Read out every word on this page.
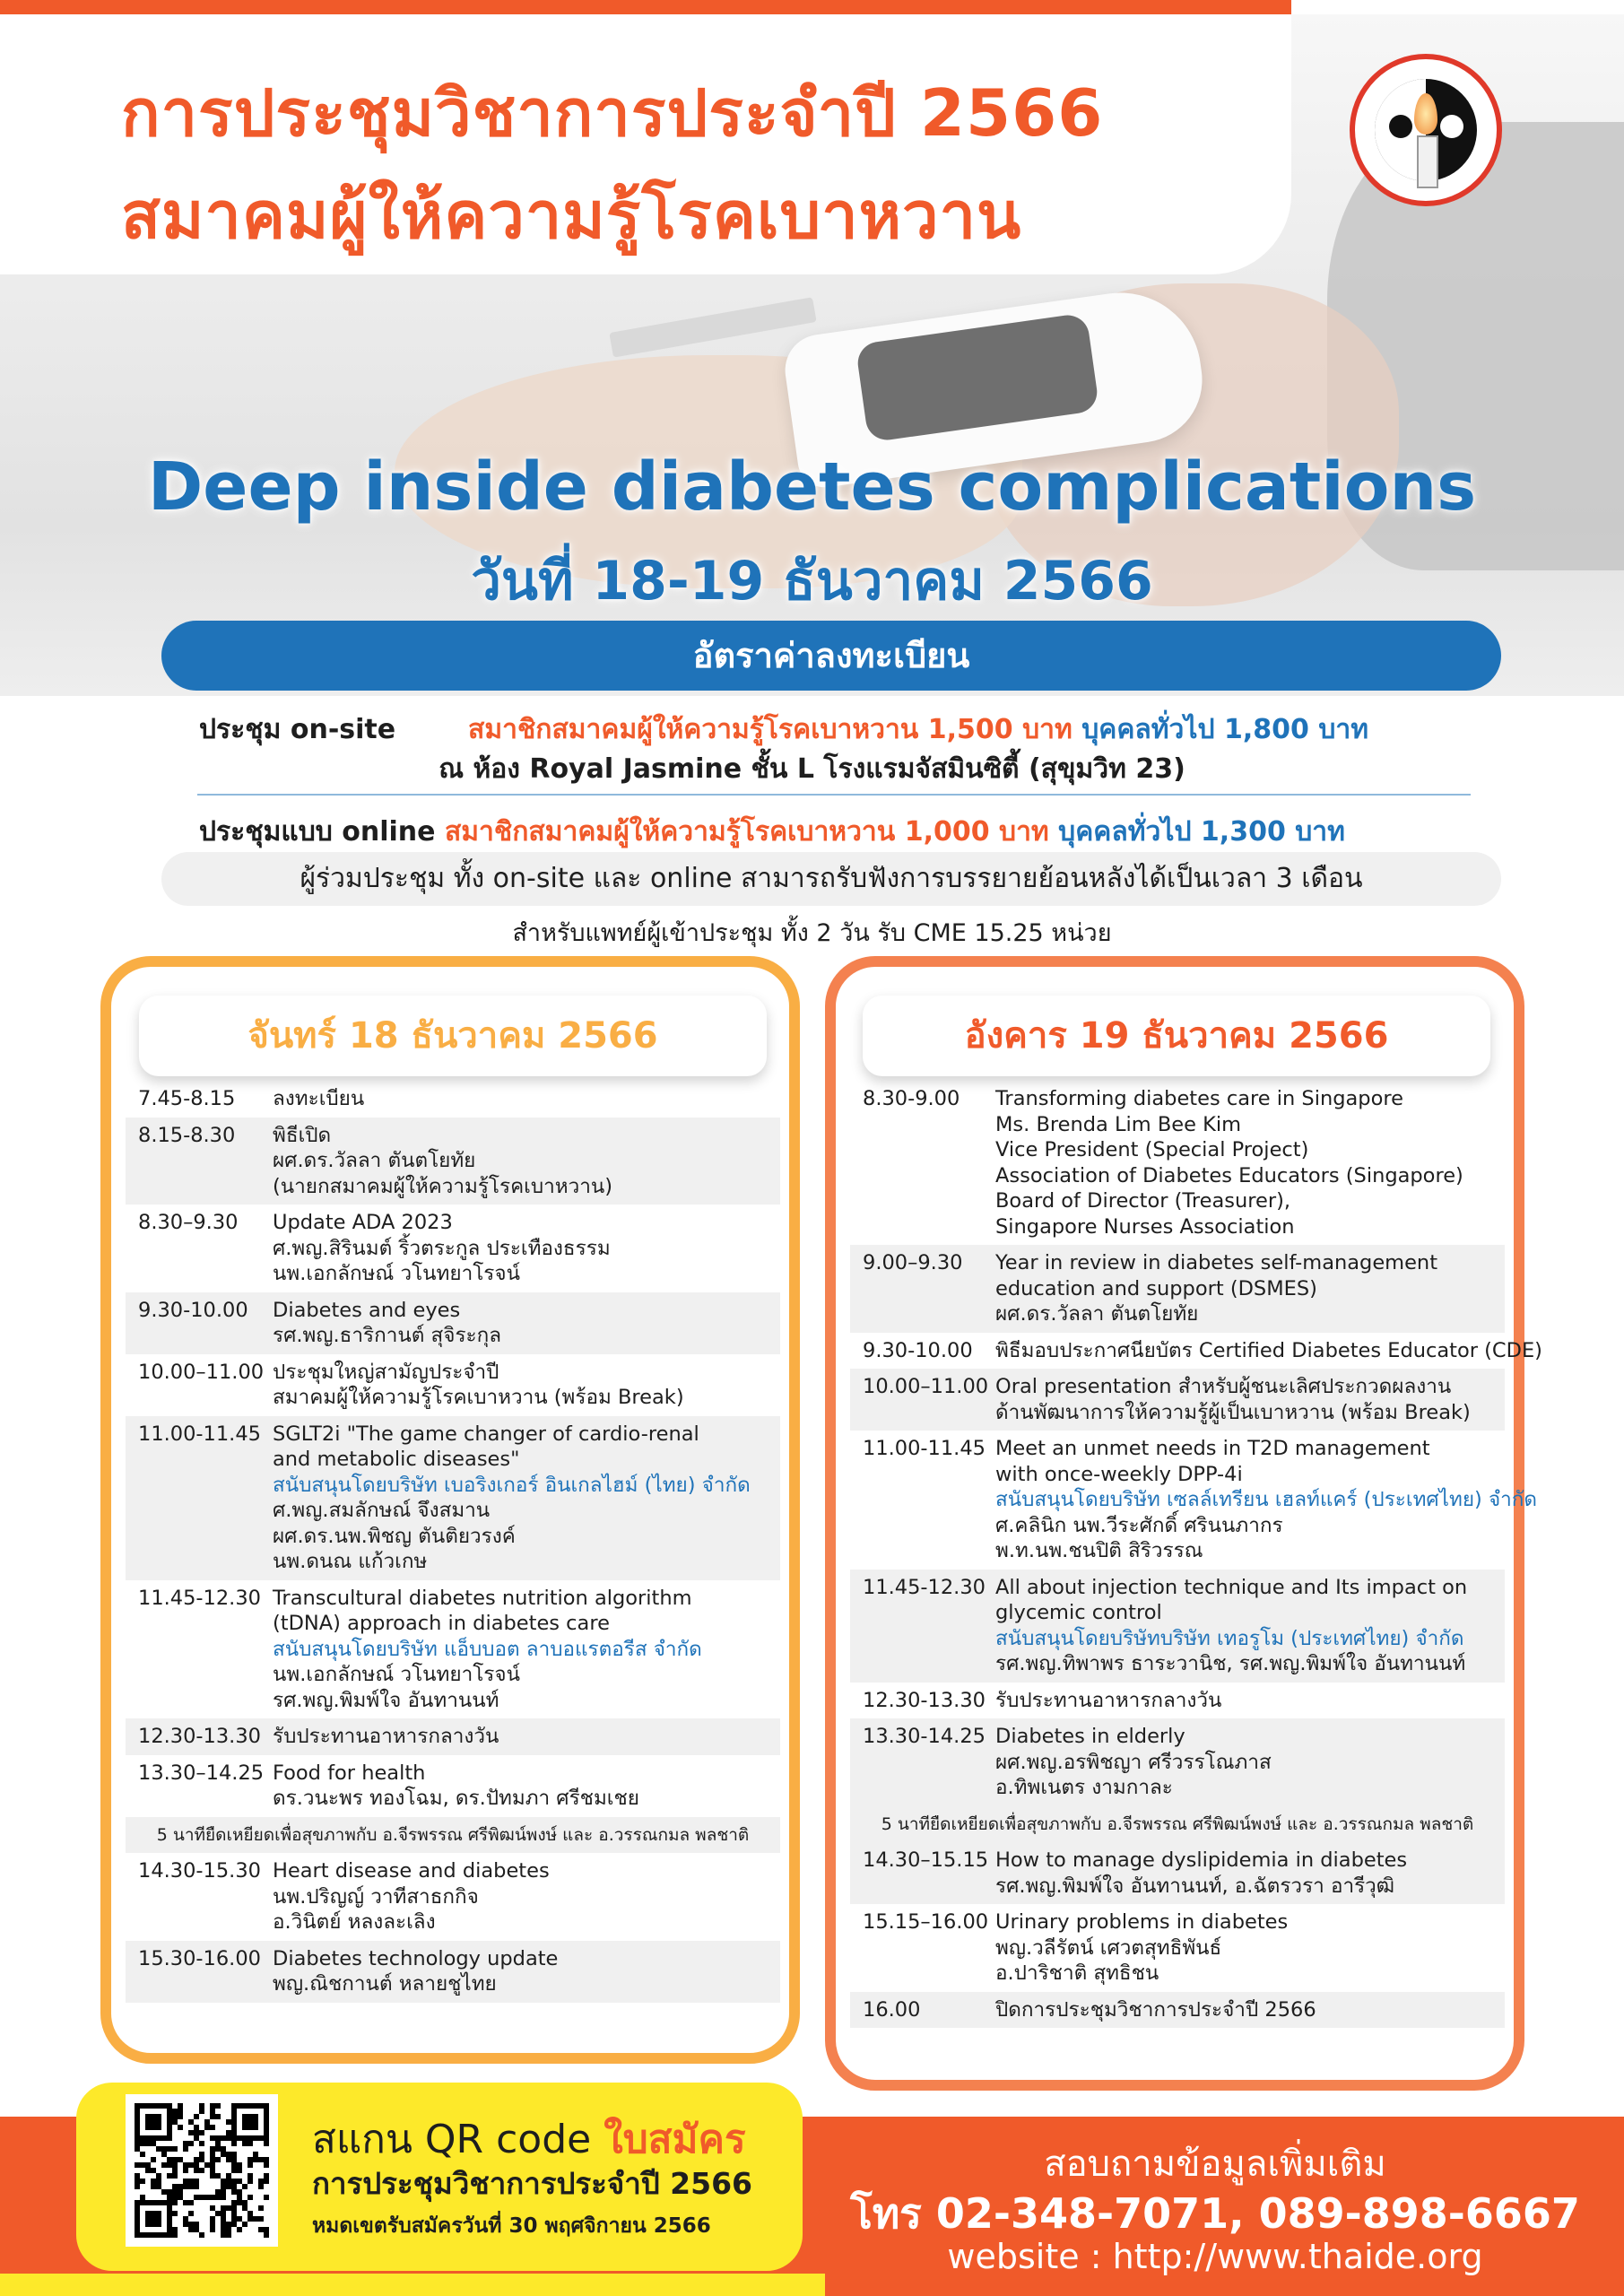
การประชุมวิชาการประจำปี 2566
สมาคมผู้ให้ความรู้โรคเบาหวาน
Deep inside diabetes complications
วันที่ 18-19 ธันวาคม 2566
อัตราค่าลงทะเบียน
ประชุม on-site	สมาชิกสมาคมผู้ให้ความรู้โรคเบาหวาน 1,500 บาท บุคคลทั่วไป 1,800 บาท
ณ ห้อง Royal Jasmine ชั้น L โรงแรมจัสมินซิตี้ (สุขุมวิท 23)
ประชุมแบบ online สมาชิกสมาคมผู้ให้ความรู้โรคเบาหวาน 1,000 บาท บุคคลทั่วไป 1,300 บาท
ผู้ร่วมประชุม ทั้ง on-site และ online สามารถรับฟังการบรรยายย้อนหลังได้เป็นเวลา 3 เดือน
สำหรับแพทย์ผู้เข้าประชุม ทั้ง 2 วัน รับ CME 15.25 หน่วย
จันทร์ 18 ธันวาคม 2566	อังคาร 19 ธันวาคม 2566
7.45-8.15	ลงทะเบียน
8.15-8.30	พิธีเปิด
ผศ.ดร.วัลลา ตันตโยทัย
(นายกสมาคมผู้ให้ความรู้โรคเบาหวาน)
8.30–9.30	Update ADA 2023
ศ.พญ.สิรินมต์ ริ้วตระกูล ประเทืองธรรม
นพ.เอกลักษณ์ วโนทยาโรจน์
9.30-10.00	Diabetes and eyes
รศ.พญ.ธาริกานต์ สุจิระกุล
10.00–11.00 ประชุมใหญ่สามัญประจำปี
สมาคมผู้ให้ความรู้โรคเบาหวาน (พร้อม Break)
11.00-11.45 SGLT2i "The game changer of cardio-renal
and metabolic diseases"
สนับสนุนโดยบริษัท เบอริงเกอร์ อินเกลไฮม์ (ไทย) จำกัด
ศ.พญ.สมลักษณ์ จึงสมาน
ผศ.ดร.นพ.พิชญ ตันติยวรงค์
นพ.ดนณ แก้วเกษ
11.45-12.30 Transcultural diabetes nutrition algorithm
(tDNA) approach in diabetes care
สนับสนุนโดยบริษัท แอ็บบอต ลาบอแรตอรีส จำกัด
นพ.เอกลักษณ์ วโนทยาโรจน์
รศ.พญ.พิมพ์ใจ อันทานนท์
12.30-13.30 รับประทานอาหารกลางวัน
13.30–14.25 Food for health
ดร.วนะพร ทองโฉม, ดร.ปัทมภา ศรีชมเชย
5 นาทียืดเหยียดเพื่อสุขภาพกับ อ.จีรพรรณ ศรีพิฒน์พงษ์ และ อ.วรรณกมล พลชาติ
14.30-15.30 Heart disease and diabetes
นพ.ปริญญ์ วาทีสาธกกิจ
อ.วินิตย์ หลงละเลิง
15.30-16.00 Diabetes technology update
พญ.ณิชกานต์ หลายชูไทย
8.30-9.00	Transforming diabetes care in Singapore
Ms. Brenda Lim Bee Kim
Vice President (Special Project)
Association of Diabetes Educators (Singapore)
Board of Director (Treasurer),
Singapore Nurses Association
9.00–9.30	Year in review in diabetes self-management
education and support (DSMES)
ผศ.ดร.วัลลา ตันตโยทัย
9.30-10.00	พิธีมอบประกาศนียบัตร Certified Diabetes Educator (CDE)
10.00–11.00 Oral presentation สำหรับผู้ชนะเลิศประกวดผลงาน
ด้านพัฒนาการให้ความรู้ผู้เป็นเบาหวาน (พร้อม Break)
11.00-11.45 Meet an unmet needs in T2D management
with once-weekly DPP-4i
สนับสนุนโดยบริษัท เซลล์เทรียน เฮลท์แคร์ (ประเทศไทย) จำกัด
ศ.คลินิก นพ.วีระศักดิ์ ศรินนภากร
พ.ท.นพ.ชนปิติ สิริวรรณ
11.45-12.30 All about injection technique and Its impact on
glycemic control
สนับสนุนโดยบริษัทบริษัท เทอรูโม (ประเทศไทย) จำกัด
รศ.พญ.ทิพาพร ธาระวานิช, รศ.พญ.พิมพ์ใจ อันทานนท์
12.30-13.30 รับประทานอาหารกลางวัน
13.30-14.25 Diabetes in elderly
ผศ.พญ.อรพิชญา ศรีวรรโณภาส
อ.ทิพเนตร งามกาละ
5 นาทียืดเหยียดเพื่อสุขภาพกับ อ.จีรพรรณ ศรีพิฒน์พงษ์ และ อ.วรรณกมล พลชาติ
14.30–15.15 How to manage dyslipidemia in diabetes
รศ.พญ.พิมพ์ใจ อันทานนท์, อ.ฉัตรวรา อารีวุฒิ
15.15–16.00 Urinary problems in diabetes
พญ.วลีรัตน์ เศวตสุทธิพันธ์
อ.ปาริชาติ สุทธิชน
16.00	ปิดการประชุมวิชาการประจำปี 2566
สแกน QR code ใบสมัคร
การประชุมวิชาการประจำปี 2566
หมดเขตรับสมัครวันที่ 30 พฤศจิกายน 2566
สอบถามข้อมูลเพิ่มเติม
โทร 02-348-7071, 089-898-6667
website : http://www.thaide.org
